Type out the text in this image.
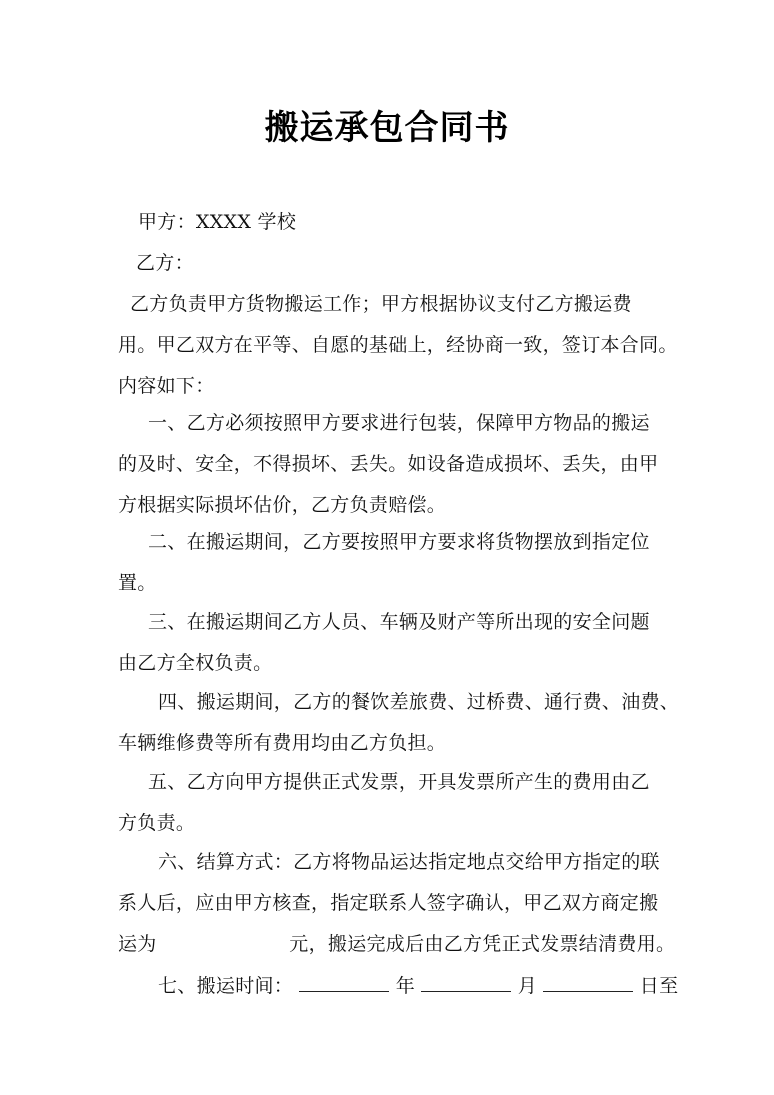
搬运承包合同书
甲方：XXXX 学校
乙方：
乙方负责甲方货物搬运工作；甲方根据协议支付乙方搬运费
用。甲乙双方在平等、自愿的基础上，经协商一致，签订本合同。
内容如下：
一、乙方必须按照甲方要求进行包装，保障甲方物品的搬运
的及时、安全，不得损坏、丢失。如设备造成损坏、丢失，由甲
方根据实际损坏估价，乙方负责赔偿。
二、在搬运期间，乙方要按照甲方要求将货物摆放到指定位
置。
三、在搬运期间乙方人员、车辆及财产等所出现的安全问题
由乙方全权负责。
四、搬运期间，乙方的餐饮差旅费、过桥费、通行费、油费、
车辆维修费等所有费用均由乙方负担。
五、乙方向甲方提供正式发票，开具发票所产生的费用由乙
方负责。
六、结算方式：乙方将物品运达指定地点交给甲方指定的联
系人后，应由甲方核查，指定联系人签字确认，甲乙双方商定搬
运为	元，搬运完成后由乙方凭正式发票结清费用。
七、搬运时间：	年	月	日至
